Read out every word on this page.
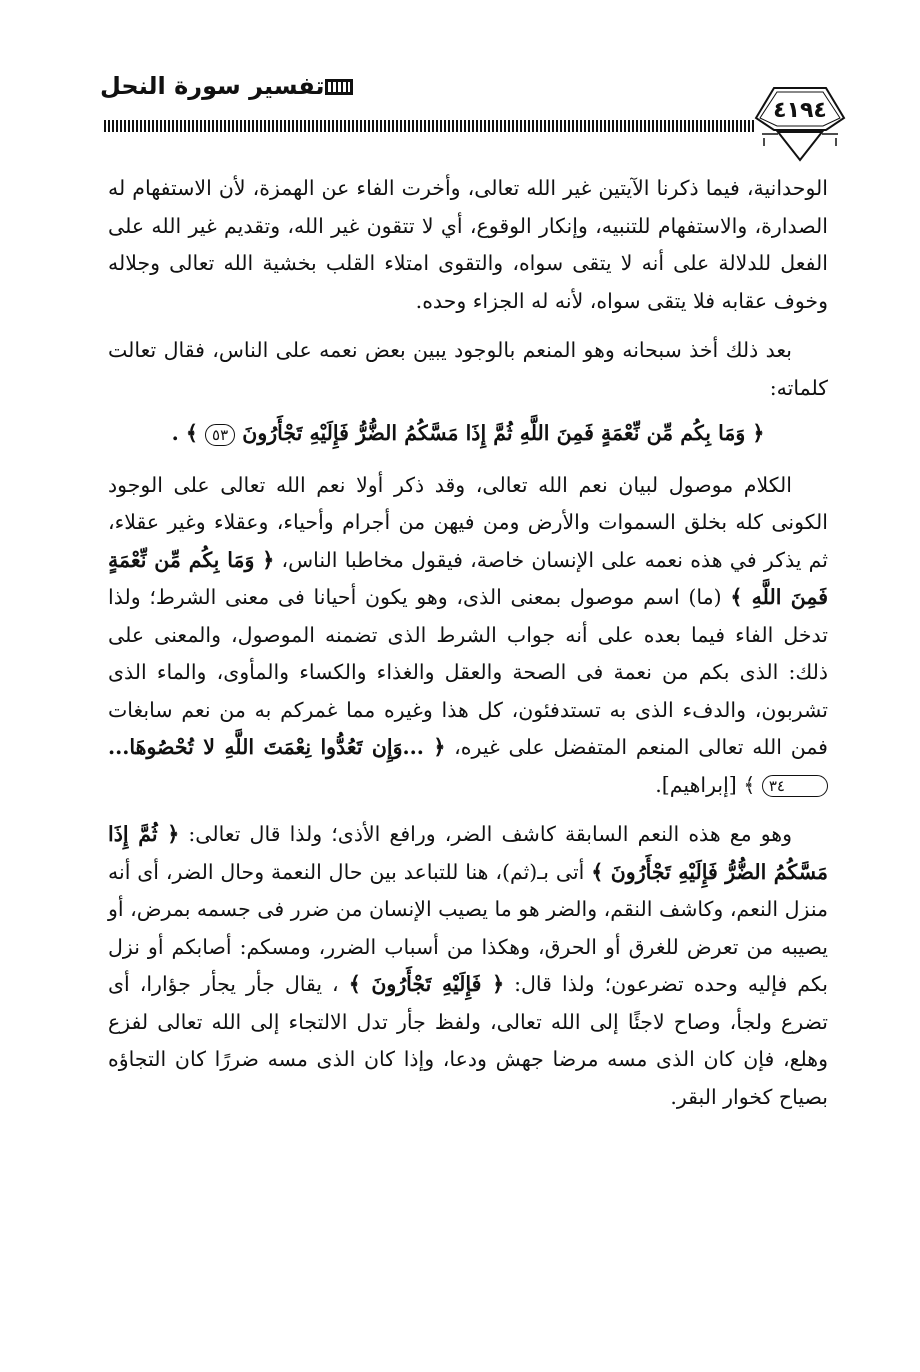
تفسير سورة النحل
٤١٩٤

الوحدانية، فيما ذكرنا الآيتين غير الله تعالى، وأخرت الفاء عن الهمزة، لأن الاستفهام له الصدارة، والاستفهام للتنبيه، وإنكار الوقوع، أي لا تتقون غير الله، وتقديم غير الله على الفعل للدلالة على أنه لا يتقى سواه، والتقوى امتلاء القلب بخشية الله تعالى وجلاله وخوف عقابه فلا يتقى سواه، لأنه له الجزاء وحده.

بعد ذلك أخذ سبحانه وهو المنعم بالوجود يبين بعض نعمه على الناس، فقال تعالت كلماته:

﴿ وَمَا بِكُم مِّن نِّعْمَةٍ فَمِنَ اللَّهِ ثُمَّ إِذَا مَسَّكُمُ الضُّرُّ فَإِلَيْهِ تَجْأَرُونَ ٥٣ ﴾ .

الكلام موصول لبيان نعم الله تعالى، وقد ذكر أولا نعم الله تعالى على الوجود الكونى كله بخلق السموات والأرض ومن فيهن من أجرام وأحياء، وعقلاء وغير عقلاء، ثم يذكر في هذه نعمه على الإنسان خاصة، فيقول مخاطبا الناس، ﴿ وَمَا بِكُم مِّن نِّعْمَةٍ فَمِنَ اللَّهِ ﴾ (ما) اسم موصول بمعنى الذى، وهو يكون أحيانا فى معنى الشرط؛ ولذا تدخل الفاء فيما بعده على أنه جواب الشرط الذى تضمنه الموصول، والمعنى على ذلك: الذى بكم من نعمة فى الصحة والعقل والغذاء والكساء والمأوى، والماء الذى تشربون، والدفء الذى به تستدفئون، كل هذا وغيره مما غمركم به من نعم سابغات فمن الله تعالى المنعم المتفضل على غيره، ﴿ ...وَإِن تَعُدُّوا نِعْمَتَ اللَّهِ لا تُحْصُوهَا... ٣٤ ﴾ [إبراهيم].

وهو مع هذه النعم السابقة كاشف الضر، ورافع الأذى؛ ولذا قال تعالى: ﴿ ثُمَّ إِذَا مَسَّكُمُ الضُّرُّ فَإِلَيْهِ تَجْأَرُونَ ﴾ أتى بـ(ثم)، هنا للتباعد بين حال النعمة وحال الضر، أى أنه منزل النعم، وكاشف النقم، والضر هو ما يصيب الإنسان من ضرر فى جسمه بمرض، أو يصيبه من تعرض للغرق أو الحرق، وهكذا من أسباب الضرر، ومسكم: أصابكم أو نزل بكم فإليه وحده تضرعون؛ ولذا قال: ﴿ فَإِلَيْهِ تَجْأَرُونَ ﴾ ، يقال جأر يجأر جؤارا، أى تضرع ولجأ، وصاح لاجئًا إلى الله تعالى، ولفظ جأر تدل الالتجاء إلى الله تعالى لفزع وهلع، فإن كان الذى مسه مرضا جهش ودعا، وإذا كان الذى مسه ضررًا كان التجاؤه بصياح كخوار البقر.
